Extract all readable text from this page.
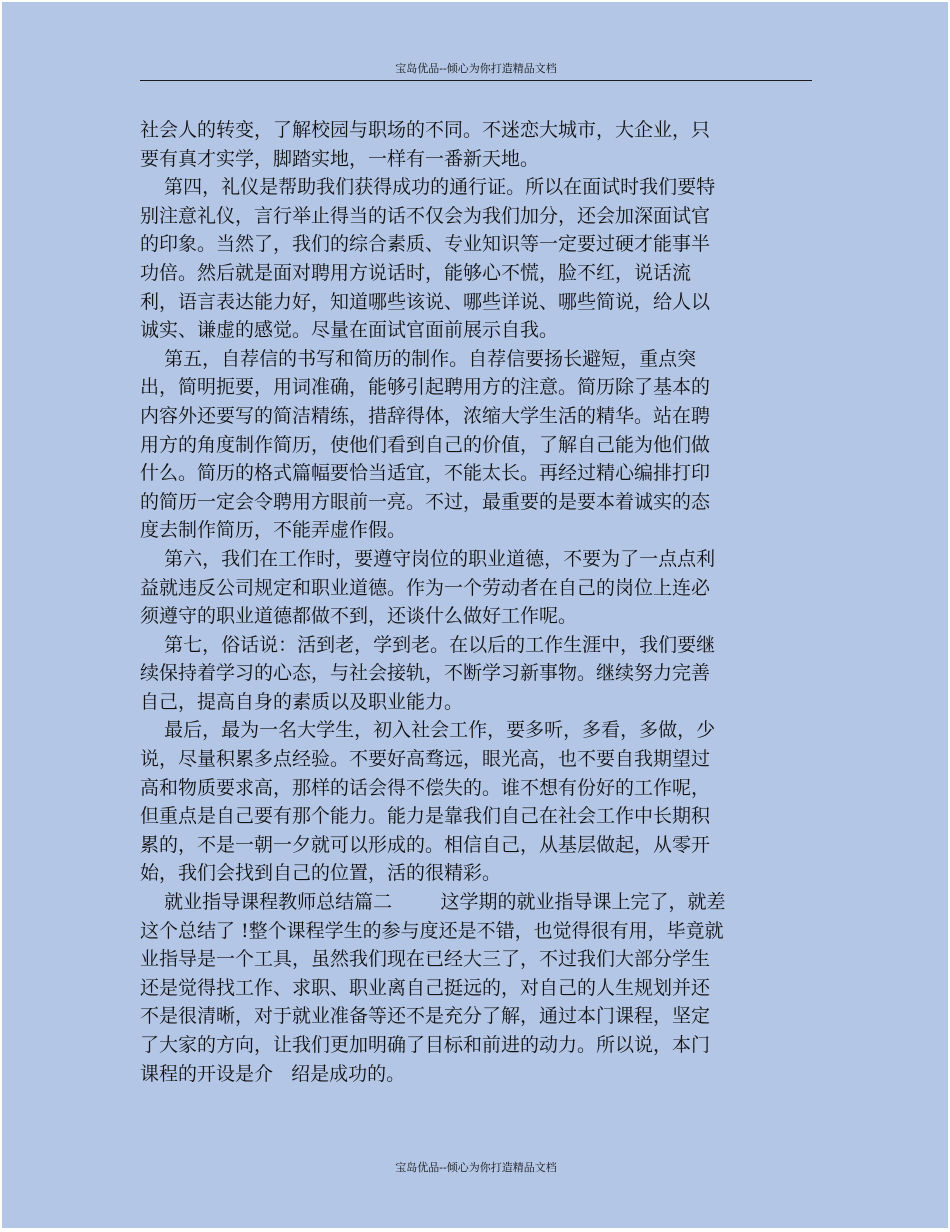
宝岛优品--倾心为你打造精品文档
社会人的转变，了解校园与职场的不同。不迷恋大城市，大企业，只
要有真才实学，脚踏实地，一样有一番新天地。
第四，礼仪是帮助我们获得成功的通行证。所以在面试时我们要特
别注意礼仪，言行举止得当的话不仅会为我们加分，还会加深面试官
的印象。当然了，我们的综合素质、专业知识等一定要过硬才能事半
功倍。然后就是面对聘用方说话时，能够心不慌，脸不红，说话流
利，语言表达能力好，知道哪些该说、哪些详说、哪些简说，给人以
诚实、谦虚的感觉。尽量在面试官面前展示自我。
第五，自荐信的书写和简历的制作。自荐信要扬长避短，重点突
出，简明扼要，用词准确，能够引起聘用方的注意。简历除了基本的
内容外还要写的简洁精练，措辞得体，浓缩大学生活的精华。站在聘
用方的角度制作简历，使他们看到自己的价值，了解自己能为他们做
什么。简历的格式篇幅要恰当适宜，不能太长。再经过精心编排打印
的简历一定会令聘用方眼前一亮。不过，最重要的是要本着诚实的态
度去制作简历，不能弄虚作假。
第六，我们在工作时，要遵守岗位的职业道德，不要为了一点点利
益就违反公司规定和职业道德。作为一个劳动者在自己的岗位上连必
须遵守的职业道德都做不到，还谈什么做好工作呢。
第七，俗话说：活到老，学到老。在以后的工作生涯中，我们要继
续保持着学习的心态，与社会接轨，不断学习新事物。继续努力完善
自己，提高自身的素质以及职业能力。
最后，最为一名大学生，初入社会工作，要多听，多看，多做，少
说，尽量积累多点经验。不要好高骛远，眼光高，也不要自我期望过
高和物质要求高，那样的话会得不偿失的。谁不想有份好的工作呢，
但重点是自己要有那个能力。能力是靠我们自己在社会工作中长期积
累的，不是一朝一夕就可以形成的。相信自己，从基层做起，从零开
始，我们会找到自己的位置，活的很精彩。
就业指导课程教师总结篇二        这学期的就业指导课上完了，就差
这个总结了 !整个课程学生的参与度还是不错，也觉得很有用，毕竟就
业指导是一个工具，虽然我们现在已经大三了，不过我们大部分学生
还是觉得找工作、求职、职业离自己挺远的，对自己的人生规划并还
不是很清晰，对于就业准备等还不是充分了解，通过本门课程，坚定
了大家的方向，让我们更加明确了目标和前进的动力。所以说，本门
课程的开设是介   绍是成功的。
宝岛优品--倾心为你打造精品文档
